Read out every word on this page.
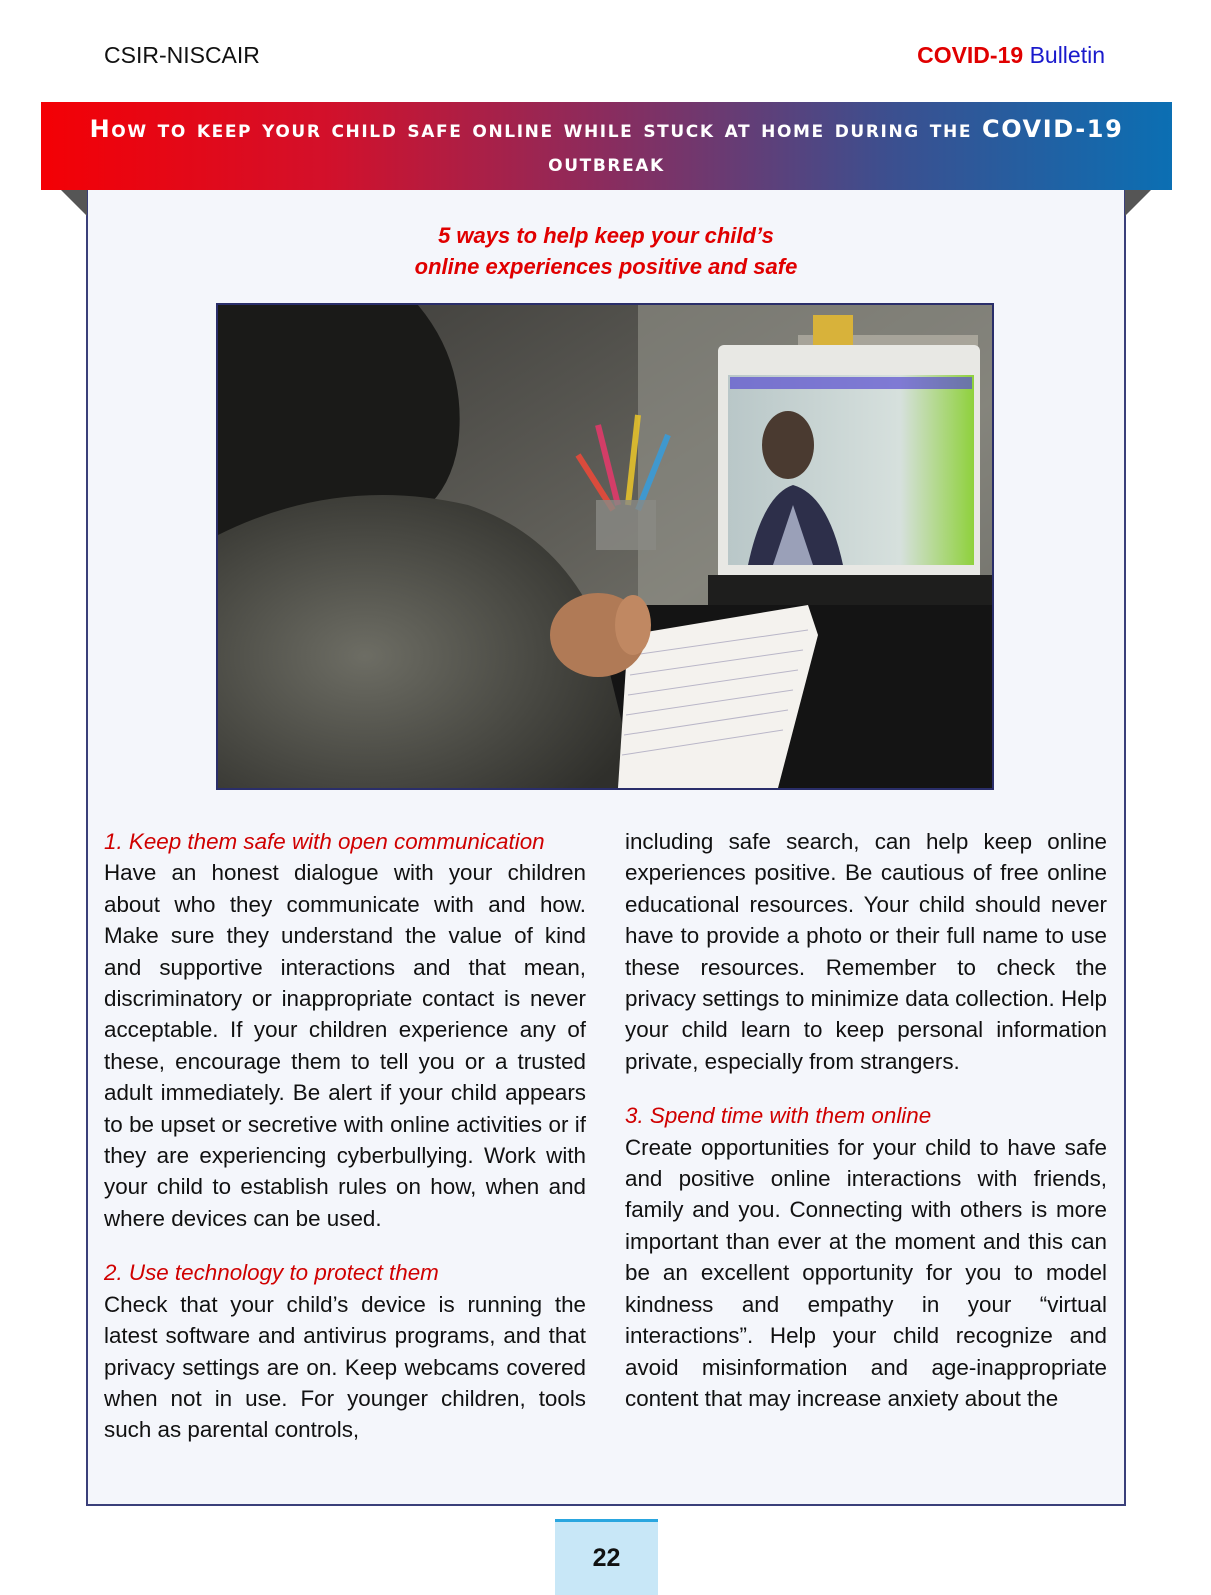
CSIR-NISCAIR	COVID-19 Bulletin
How to keep your child safe online while stuck at home during the COVID-19 outbreak
5 ways to help keep your child’s
online experiences positive and safe

1. Keep them safe with open communication

Have an honest dialogue with your children about who they communicate with and how. Make sure they understand the value of kind and supportive interactions and that mean, discriminatory or inappropriate contact is never acceptable. If your children experience any of these, encourage them to tell you or a trusted adult immediately. Be alert if your child appears to be upset or secretive with online activities or if they are experiencing cyberbullying. Work with your child to establish rules on how, when and where devices can be used.

2. Use technology to protect them

Check that your child’s device is running the latest software and antivirus programs, and that privacy settings are on. Keep webcams covered when not in use. For younger children, tools such as parental controls,

including safe search, can help keep online experiences positive. Be cautious of free online educational resources. Your child should never have to provide a photo or their full name to use these resources. Remember to check the privacy settings to minimize data collection. Help your child learn to keep personal information private, especially from strangers.

3. Spend time with them online

Create opportunities for your child to have safe and positive online interactions with friends, family and you. Connecting with others is more important than ever at the moment and this can be an excellent opportunity for you to model kindness and empathy in your “virtual interactions”. Help your child recognize and avoid misinformation and age-inappropriate content that may increase anxiety about the

22
